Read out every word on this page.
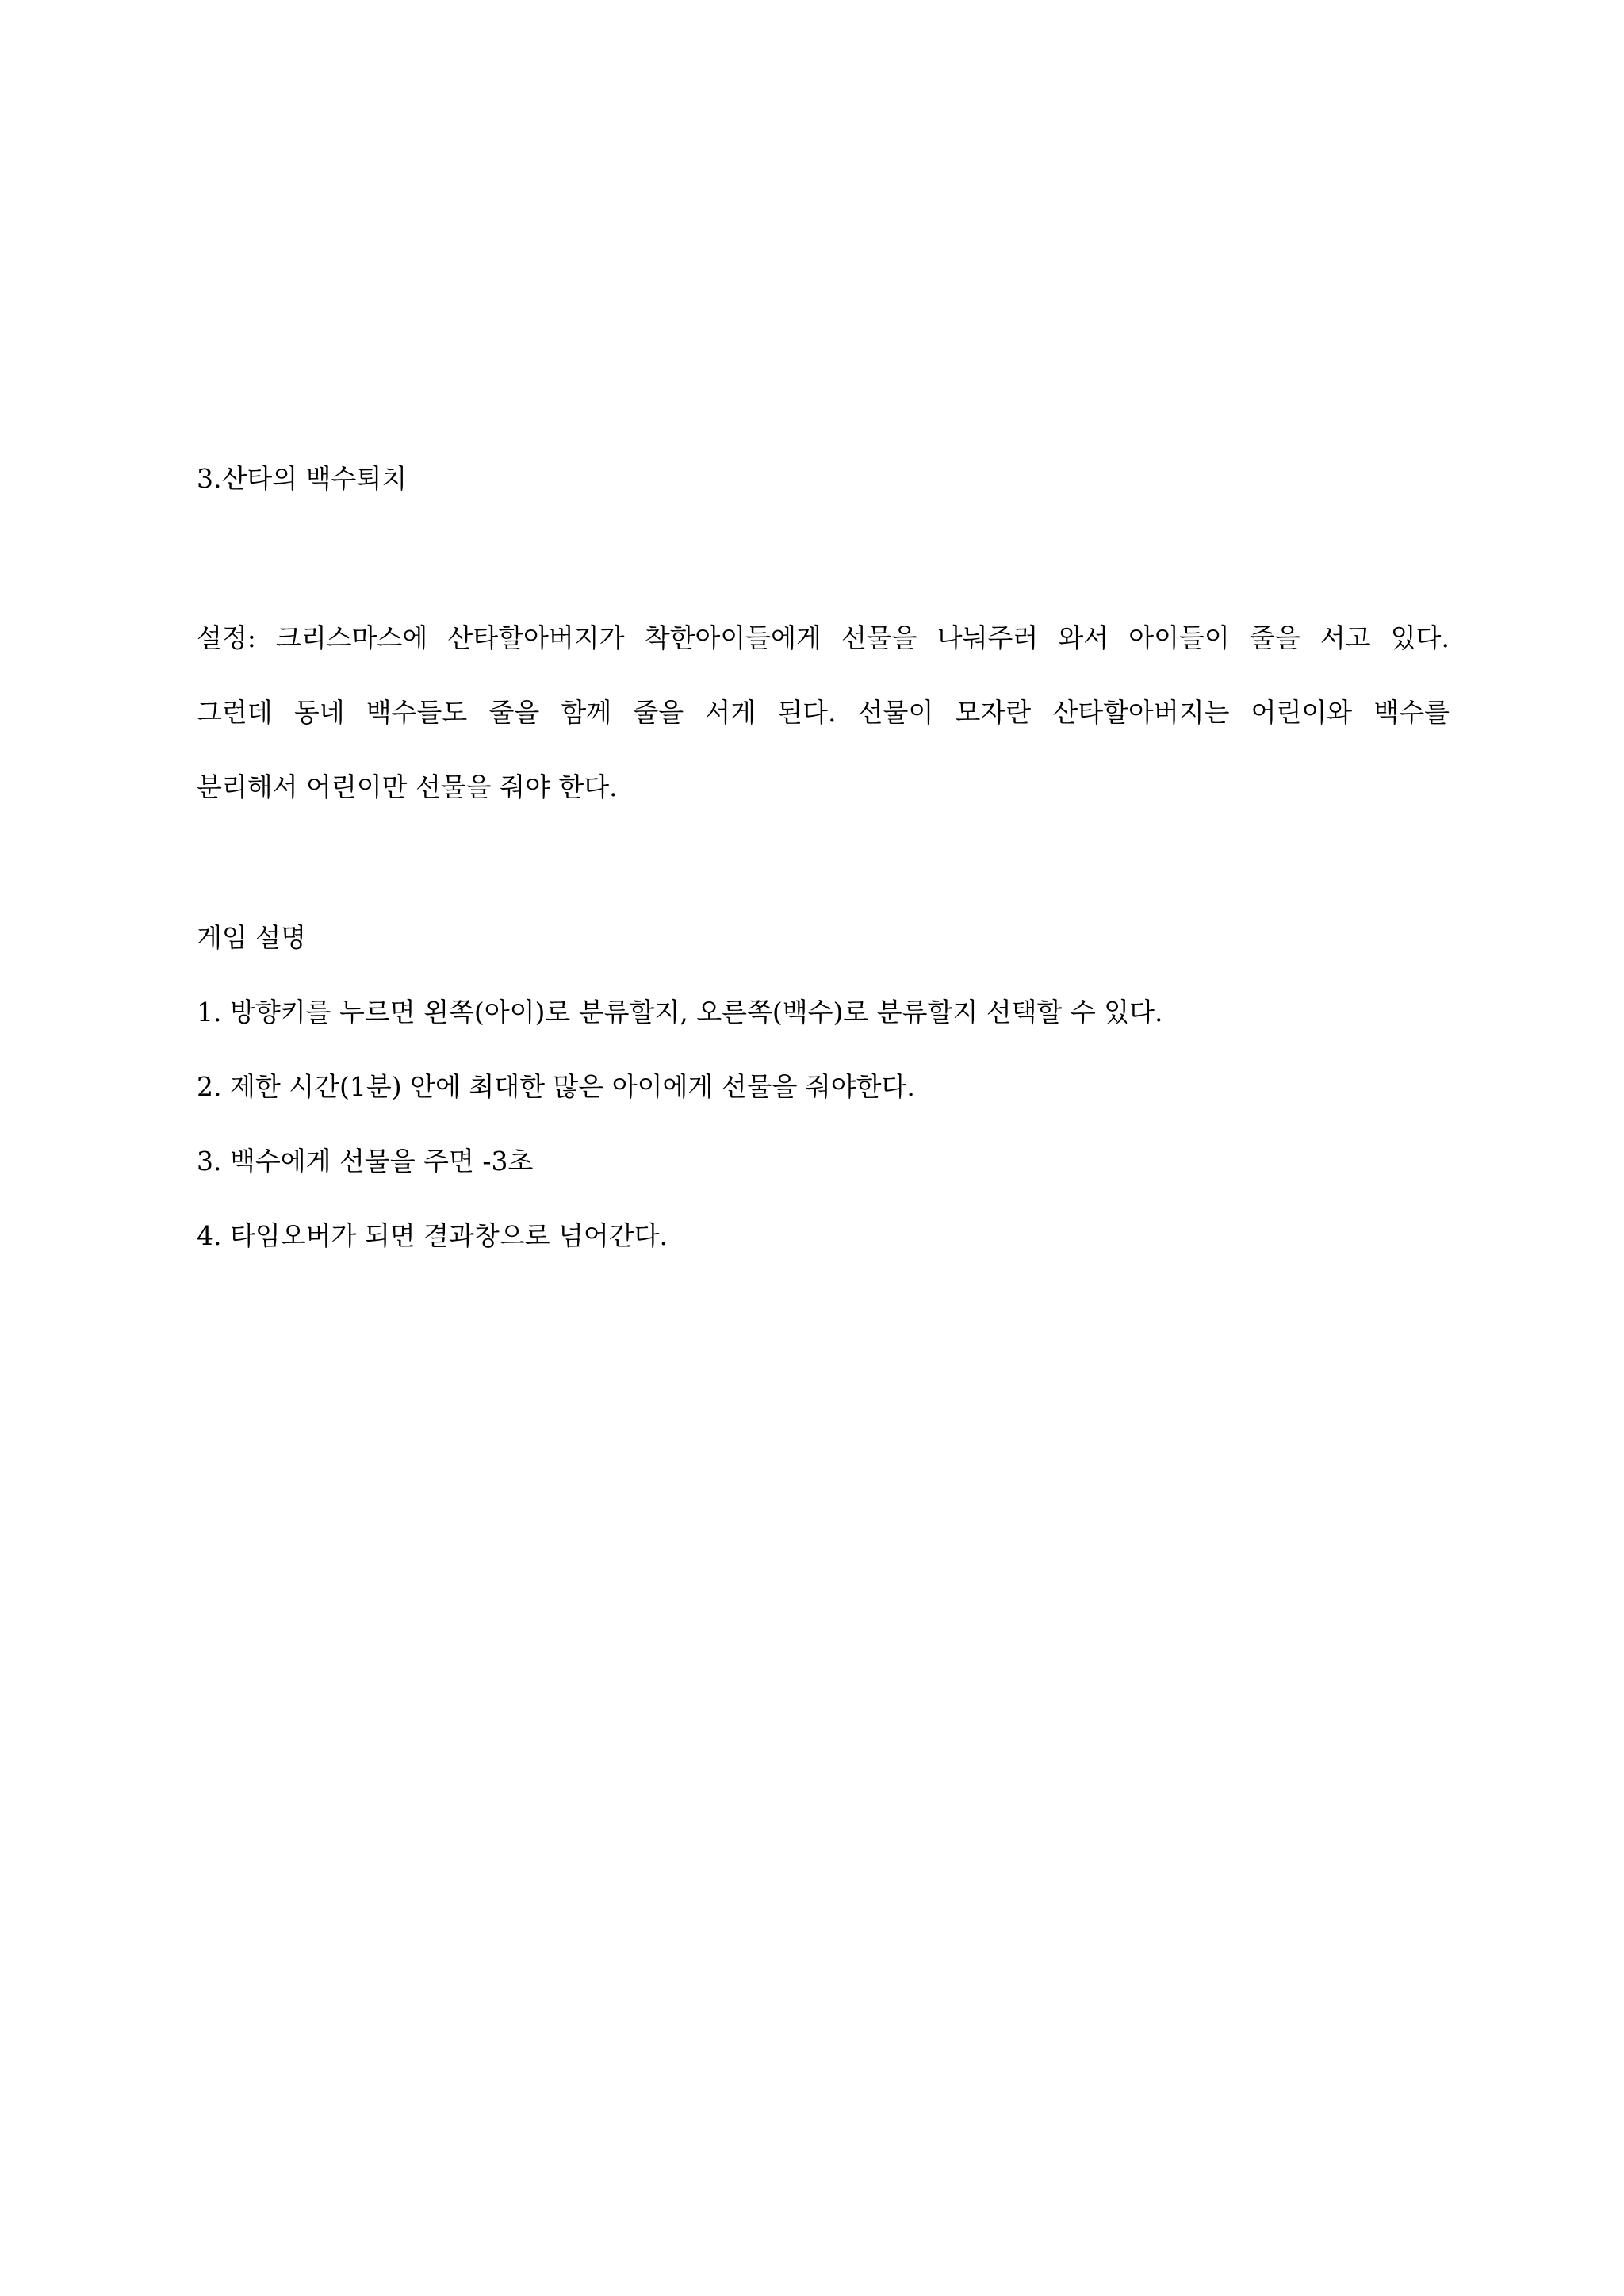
3.산타의 백수퇴치
설정: 크리스마스에 산타할아버지가 착한아이들에게 선물을 나눠주러 와서 아이들이 줄을 서고 있다.
그런데 동네 백수들도 줄을 함께 줄을 서게 된다. 선물이 모자란 산타할아버지는 어린이와 백수를
분리해서 어린이만 선물을 줘야 한다.
게임 설명
1. 방향키를 누르면 왼쪽(아이)로 분류할지, 오른쪽(백수)로 분류할지 선택할 수 있다.
2. 제한 시간(1분) 안에 최대한 많은 아이에게 선물을 줘야한다.
3. 백수에게 선물을 주면 -3초
4. 타임오버가 되면 결과창으로 넘어간다.
